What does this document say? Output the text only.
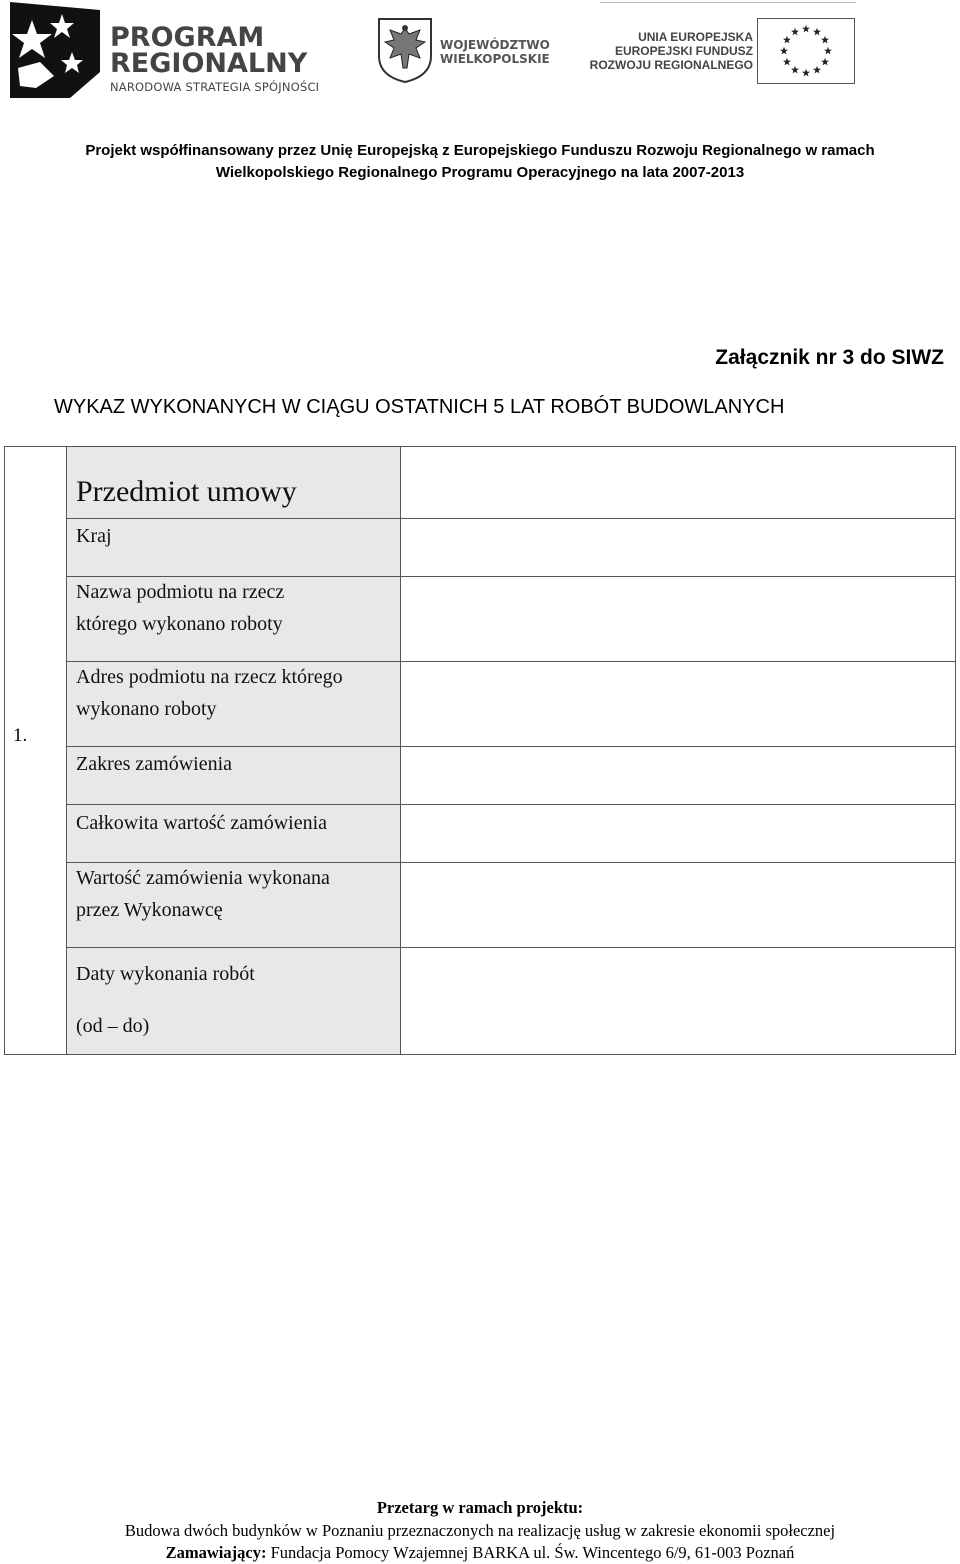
PROGRAM
REGIONALNY
NARODOWA STRATEGIA SPÓJNOŚCI
WOJEWÓDZTWO
WIELKOPOLSKIE
UNIA EUROPEJSKA
EUROPEJSKI FUNDUSZ
ROZWOJU REGIONALNEGO
Projekt współfinansowany przez Unię Europejską z Europejskiego Funduszu Rozwoju Regionalnego w ramach
Wielkopolskiego Regionalnego Programu Operacyjnego na lata 2007-2013
Załącznik nr 3 do SIWZ
WYKAZ WYKONANYCH W CIĄGU OSTATNICH 5 LAT ROBÓT BUDOWLANYCH
1.
Przedmiot umowy
Kraj
Nazwa podmiotu na rzecz
którego wykonano roboty
Adres podmiotu na rzecz którego
wykonano roboty
Zakres zamówienia
Całkowita wartość zamówienia
Wartość zamówienia wykonana
przez Wykonawcę
Daty wykonania robót
(od – do)
Przetarg w ramach projektu:
Budowa dwóch budynków w Poznaniu przeznaczonych na realizację usług w zakresie ekonomii społecznej
Zamawiający: Fundacja Pomocy Wzajemnej BARKA ul. Św. Wincentego 6/9, 61-003 Poznań
